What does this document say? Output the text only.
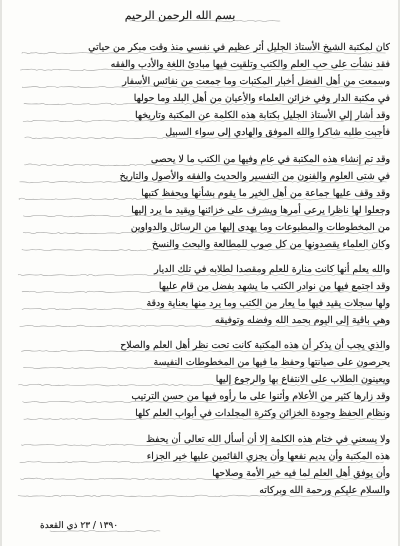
بسم الله الرحمن الرحيم
كان لمكتبة الشيخ الأستاذ الجليل أثر عظيم في نفسي منذ وقت مبكر من حياتي
فقد نشأت على حب العلم والكتب وتلقيت فيها مبادئ اللغة والأدب والفقه
وسمعت من أهل الفضل أخبار المكتبات وما جمعت من نفائس الأسفار
في مكتبة الدار وفي خزائن العلماء والأعيان من أهل البلد وما حولها
وقد أشار إلي الأستاذ الجليل بكتابة هذه الكلمة عن المكتبة وتاريخها
فأجبت طلبه شاكرا والله الموفق والهادي إلى سواء السبيل
وقد تم إنشاء هذه المكتبة في عام وفيها من الكتب ما لا يحصى
في شتى العلوم والفنون من التفسير والحديث والفقه والأصول والتاريخ
وقد وقف عليها جماعة من أهل الخير ما يقوم بشأنها ويحفظ كتبها
وجعلوا لها ناظرا يرعى أمرها ويشرف على خزائنها ويقيد ما يرد إليها
من المخطوطات والمطبوعات وما يهدى إليها من الرسائل والدواوين
وكان العلماء يقصدونها من كل صوب للمطالعة والبحث والنسخ
والله يعلم أنها كانت منارة للعلم ومقصدا لطلابه في تلك الديار
وقد اجتمع فيها من نوادر الكتب ما يشهد بفضل من قام عليها
ولها سجلات يقيد فيها ما يعار من الكتب وما يرد منها بعناية ودقة
وهي باقية إلى اليوم بحمد الله وفضله وتوفيقه
والذي يجب أن يذكر أن هذه المكتبة كانت تحت نظر أهل العلم والصلاح
يحرصون على صيانتها وحفظ ما فيها من المخطوطات النفيسة
ويعينون الطلاب على الانتفاع بها والرجوع إليها
وقد زارها كثير من الأعلام وأثنوا على ما رأوه فيها من حسن الترتيب
ونظام الحفظ وجودة الخزائن وكثرة المجلدات في أبواب العلم كلها
ولا يسعني في ختام هذه الكلمة إلا أن أسأل الله تعالى أن يحفظ
هذه المكتبة وأن يديم نفعها وأن يجزي القائمين عليها خير الجزاء
وأن يوفق أهل العلم لما فيه خير الأمة وصلاحها
والسلام عليكم ورحمة الله وبركاته
١٣٩٠ / ٢٣ ذي القعدة
